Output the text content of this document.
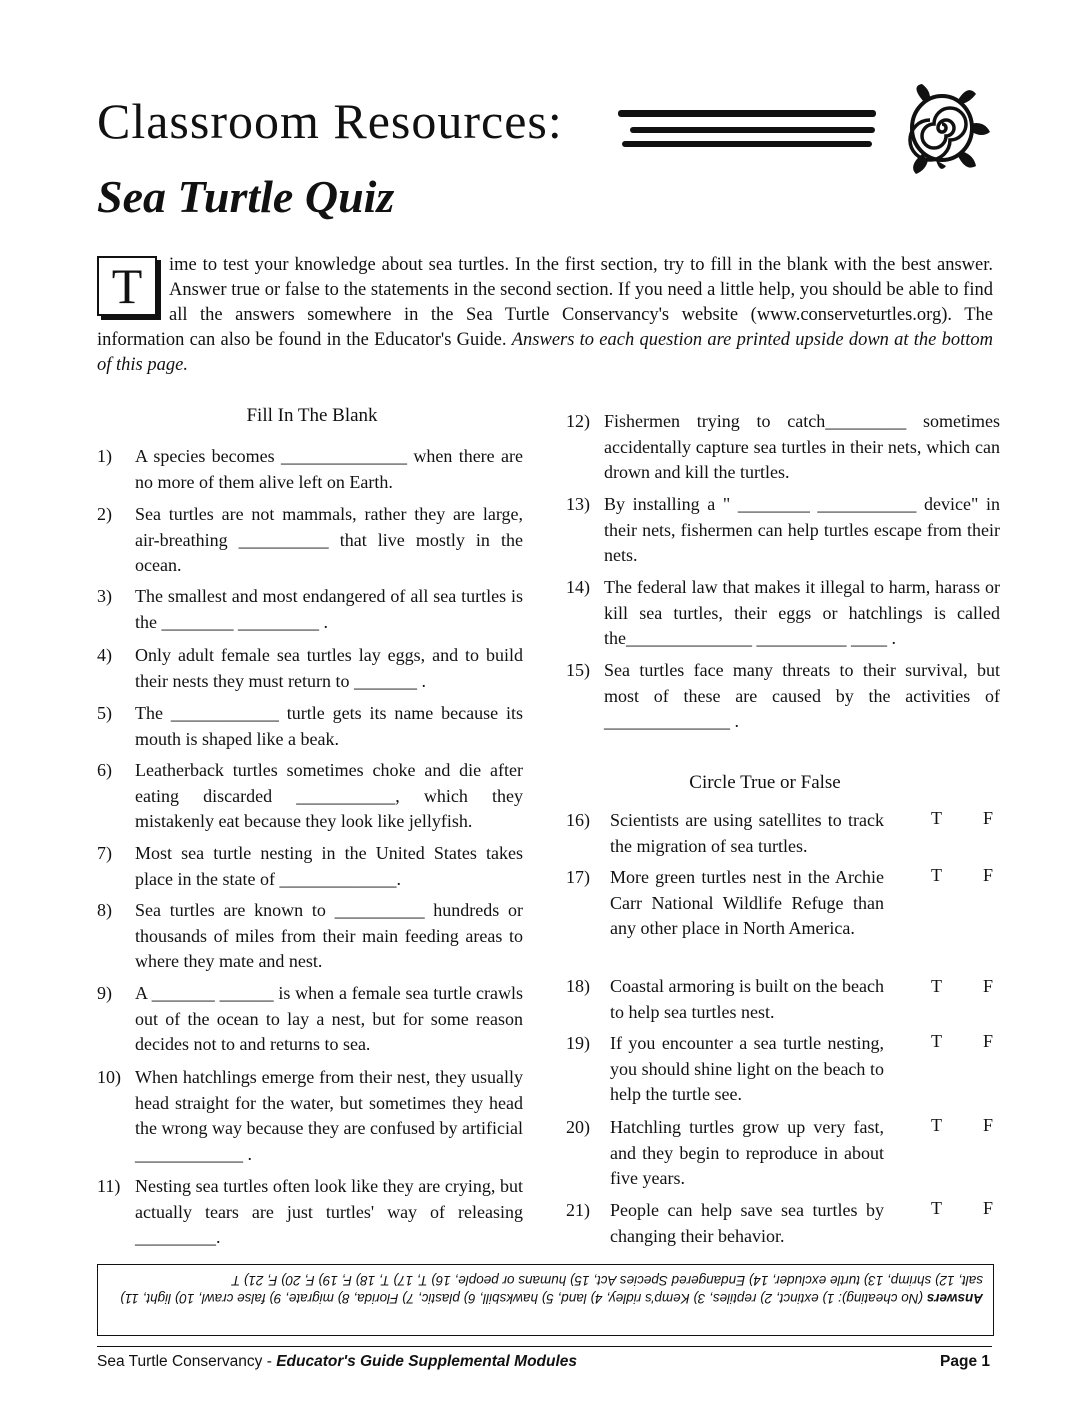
Classroom Resources:
Sea Turtle Quiz
T	ime to test your knowledge about sea turtles. In the first section, try to fill in the blank with the best answer. Answer true or false to the statements in the second section. If you need a little help, you should be able to find all the answers somewhere in the Sea Turtle Conservancy's website (www.conserveturtles.org). The information can also be found in the Educator's Guide. Answers to each question are printed upside down at the bottom of this page.
Fill In The Blank
Circle True or False
1) A species becomes ______________ when there are no more of them alive left on Earth.
2) Sea turtles are not mammals, rather they are large, air-breathing __________ that live mostly in the ocean.
3) The smallest and most endangered of all sea turtles is the ________ _________ .
4) Only adult female sea turtles lay eggs, and to build their nests they must return to _______ .
5) The ____________ turtle gets its name because its mouth is shaped like a beak.
6) Leatherback turtles sometimes choke and die after eating discarded ___________, which they mistakenly eat because they look like jellyfish.
7) Most sea turtle nesting in the United States takes place in the state of _____________.
8) Sea turtles are known to __________ hundreds or thousands of miles from their main feeding areas to where they mate and nest.
9) A _______ ______ is when a female sea turtle crawls out of the ocean to lay a nest, but for some reason decides not to and returns to sea.
10) When hatchlings emerge from their nest, they usually head straight for the water, but sometimes they head the wrong way because they are confused by artificial ____________ .
11) Nesting sea turtles often look like they are crying, but actually tears are just turtles' way of releasing _________.
12) Fishermen trying to catch_________ sometimes accidentally capture sea turtles in their nets, which can drown and kill the turtles.
13) By installing a " ________ ___________ device" in their nets, fishermen can help turtles escape from their nets.
14) The federal law that makes it illegal to harm, harass or kill sea turtles, their eggs or hatchlings is called the______________ __________ ____ .
15) Sea turtles face many threats to their survival, but most of these are caused by the activities of ______________ .
16) Scientists are using satellites to track the migration of sea turtles.
17) More green turtles nest in the Archie Carr National Wildlife Refuge than any other place in North America.
18) Coastal armoring is built on the beach to help sea turtles nest.
19) If you encounter a sea turtle nesting, you should shine light on the beach to help the turtle see.
20) Hatchling turtles grow up very fast, and they begin to reproduce in about five years.
21) People can help save sea turtles by changing their behavior.
T F
T F
T F
T F
T F
T F
Answers (No cheating): 1) extinct, 2) reptiles, 3) Kemp's ridley, 4) land, 5) hawksbill, 6) plastic, 7) Florida, 8) migrate, 9) false crawl, 10) light, 11) salt, 12) shrimp, 13) turtle excluder, 14) Endangered Species Act, 15) humans or people, 16) T, 17) T, 18) F, 19) F, 20) F, 21) T
Sea Turtle Conservancy - Educator's Guide Supplemental Modules	Page 1
